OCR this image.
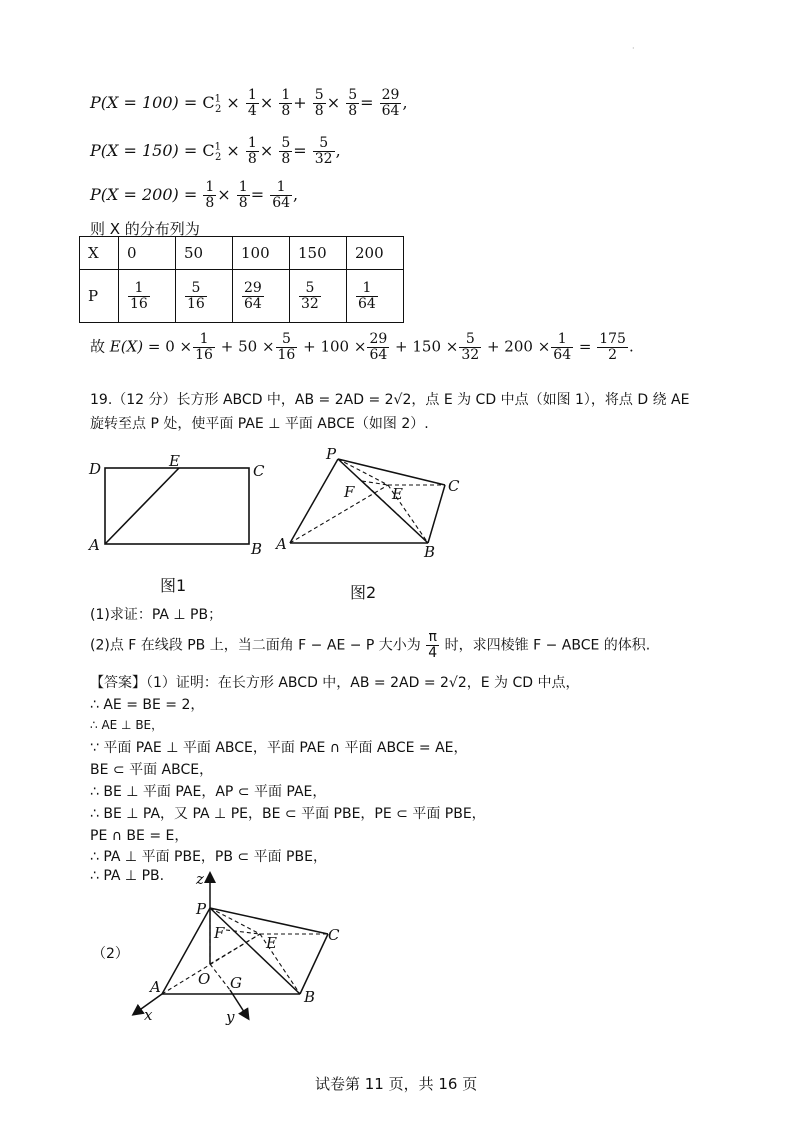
·
$P(X = 100) = C^1_2 \times \frac{1}{4} \times \frac{1}{8} + \frac{5}{8} \times \frac{5}{8} = \frac{29}{64}$ ,
$P(X = 150) = C^1_2 \times \frac{1}{8} \times \frac{5}{8} = \frac{5}{32}$ ,
$P(X = 200) = \frac{1}{8} \times \frac{1}{8} = \frac{1}{64}$ ,
则 X 的分布列为
X	0	50	100	150	200
P	$\frac{1}{16}$	$\frac{5}{16}$	$\frac{29}{64}$	$\frac{5}{32}$	$\frac{1}{64}$
故 $E(X) = 0 \times \frac{1}{16} + 50 \times \frac{5}{16} + 100 \times \frac{29}{64} + 150 \times \frac{5}{32} + 200 \times \frac{1}{64} = \frac{175}{2}$ .
19.（12 分）长方形 ABCD 中，AB = 2AD = 2√2，点 E 为 CD 中点（如图 1），将点 D 绕 AE
旋转至点 P 处，使平面 PAE ⊥ 平面 ABCE（如图 2）.
D	E
C
A	B
图1
P
F	E	C
A	B
图2
(1)求证：PA ⊥ PB；
(2)点 F 在线段 PB 上，当二面角 F − AE − P 大小为 $\frac{\pi}{4}$ 时，求四棱锥 F − ABCE 的体积.
【答案】（1）证明：在长方形 ABCD 中，AB = 2AD = 2√2，E 为 CD 中点，
∴ AE = BE = 2，
∴ AE ⊥ BE，
∵ 平面 PAE ⊥ 平面 ABCE，平面 PAE ∩ 平面 ABCE = AE，
BE ⊂ 平面 ABCE，
∴ BE ⊥ 平面 PAE，AP ⊂ 平面 PAE，
∴ BE ⊥ PA，又 PA ⊥ PE，BE ⊂ 平面 PBE，PE ⊂ 平面 PBE，
PE ∩ BE = E，
∴ PA ⊥ 平面 PBE，PB ⊂ 平面 PBE，
∴ PA ⊥ PB.
（2）
z
P
F
E	C
A O G
B
x	y
试卷第 11 页，共 16 页
